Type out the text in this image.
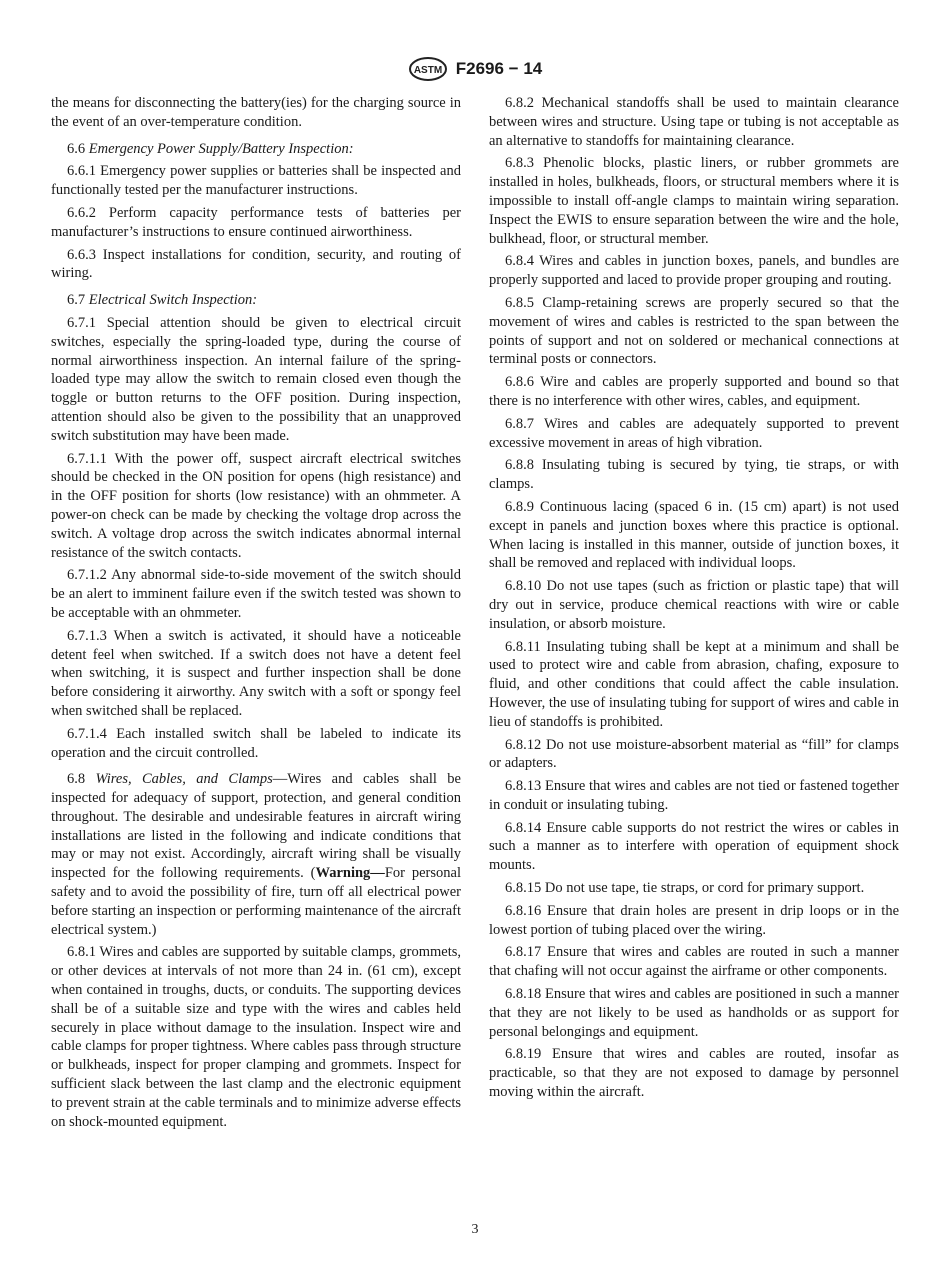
ASTM F2696 − 14

the means for disconnecting the battery(ies) for the charging source in the event of an over-temperature condition.

6.6 Emergency Power Supply/Battery Inspection:

6.6.1 Emergency power supplies or batteries shall be inspected and functionally tested per the manufacturer instructions.

6.6.2 Perform capacity performance tests of batteries per manufacturer’s instructions to ensure continued airworthiness.

6.6.3 Inspect installations for condition, security, and routing of wiring.

6.7 Electrical Switch Inspection:

6.7.1 Special attention should be given to electrical circuit switches, especially the spring-loaded type, during the course of normal airworthiness inspection. An internal failure of the spring-loaded type may allow the switch to remain closed even though the toggle or button returns to the OFF position. During inspection, attention should also be given to the possibility that an unapproved switch substitution may have been made.

6.7.1.1 With the power off, suspect aircraft electrical switches should be checked in the ON position for opens (high resistance) and in the OFF position for shorts (low resistance) with an ohmmeter. A power-on check can be made by checking the voltage drop across the switch. A voltage drop across the switch indicates abnormal internal resistance of the switch contacts.

6.7.1.2 Any abnormal side-to-side movement of the switch should be an alert to imminent failure even if the switch tested was shown to be acceptable with an ohmmeter.

6.7.1.3 When a switch is activated, it should have a noticeable detent feel when switched. If a switch does not have a detent feel when switching, it is suspect and further inspection shall be done before considering it airworthy. Any switch with a soft or spongy feel when switched shall be replaced.

6.7.1.4 Each installed switch shall be labeled to indicate its operation and the circuit controlled.

6.8 Wires, Cables, and Clamps—Wires and cables shall be inspected for adequacy of support, protection, and general condition throughout. The desirable and undesirable features in aircraft wiring installations are listed in the following and indicate conditions that may or may not exist. Accordingly, aircraft wiring shall be visually inspected for the following requirements. (Warning—For personal safety and to avoid the possibility of fire, turn off all electrical power before starting an inspection or performing maintenance of the aircraft electrical system.)

6.8.1 Wires and cables are supported by suitable clamps, grommets, or other devices at intervals of not more than 24 in. (61 cm), except when contained in troughs, ducts, or conduits. The supporting devices shall be of a suitable size and type with the wires and cables held securely in place without damage to the insulation. Inspect wire and cable clamps for proper tightness. Where cables pass through structure or bulkheads, inspect for proper clamping and grommets. Inspect for sufficient slack between the last clamp and the electronic equipment to prevent strain at the cable terminals and to minimize adverse effects on shock-mounted equipment.

6.8.2 Mechanical standoffs shall be used to maintain clearance between wires and structure. Using tape or tubing is not acceptable as an alternative to standoffs for maintaining clearance.

6.8.3 Phenolic blocks, plastic liners, or rubber grommets are installed in holes, bulkheads, floors, or structural members where it is impossible to install off-angle clamps to maintain wiring separation. Inspect the EWIS to ensure separation between the wire and the hole, bulkhead, floor, or structural member.

6.8.4 Wires and cables in junction boxes, panels, and bundles are properly supported and laced to provide proper grouping and routing.

6.8.5 Clamp-retaining screws are properly secured so that the movement of wires and cables is restricted to the span between the points of support and not on soldered or mechanical connections at terminal posts or connectors.

6.8.6 Wire and cables are properly supported and bound so that there is no interference with other wires, cables, and equipment.

6.8.7 Wires and cables are adequately supported to prevent excessive movement in areas of high vibration.

6.8.8 Insulating tubing is secured by tying, tie straps, or with clamps.

6.8.9 Continuous lacing (spaced 6 in. (15 cm) apart) is not used except in panels and junction boxes where this practice is optional. When lacing is installed in this manner, outside of junction boxes, it shall be removed and replaced with individual loops.

6.8.10 Do not use tapes (such as friction or plastic tape) that will dry out in service, produce chemical reactions with wire or cable insulation, or absorb moisture.

6.8.11 Insulating tubing shall be kept at a minimum and shall be used to protect wire and cable from abrasion, chafing, exposure to fluid, and other conditions that could affect the cable insulation. However, the use of insulating tubing for support of wires and cable in lieu of standoffs is prohibited.

6.8.12 Do not use moisture-absorbent material as “fill” for clamps or adapters.

6.8.13 Ensure that wires and cables are not tied or fastened together in conduit or insulating tubing.

6.8.14 Ensure cable supports do not restrict the wires or cables in such a manner as to interfere with operation of equipment shock mounts.

6.8.15 Do not use tape, tie straps, or cord for primary support.

6.8.16 Ensure that drain holes are present in drip loops or in the lowest portion of tubing placed over the wiring.

6.8.17 Ensure that wires and cables are routed in such a manner that chafing will not occur against the airframe or other components.

6.8.18 Ensure that wires and cables are positioned in such a manner that they are not likely to be used as handholds or as support for personal belongings and equipment.

6.8.19 Ensure that wires and cables are routed, insofar as practicable, so that they are not exposed to damage by personnel moving within the aircraft.

3
